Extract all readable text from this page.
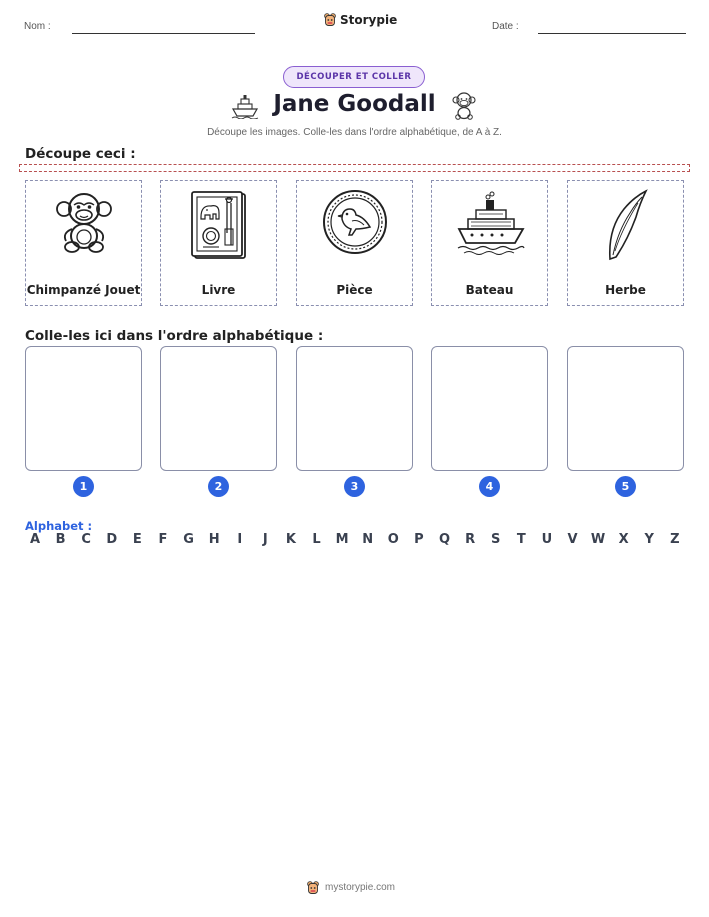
Nom :	Storypie	Date :
DÉCOUPER ET COLLER
Jane Goodall
Découpe les images. Colle-les dans l'ordre alphabétique, de A à Z.
Découpe ceci :
Chimpanzé Jouet	Livre	Pièce	Bateau	Herbe
Colle-les ici dans l'ordre alphabétique :
1	2	3	4	5
Alphabet :
A	B	C	D	E	F	G	H	I	J	K	L	M	N	O	P	Q	R	S	T	U	V	W	X	Y	Z
mystorypie.com
